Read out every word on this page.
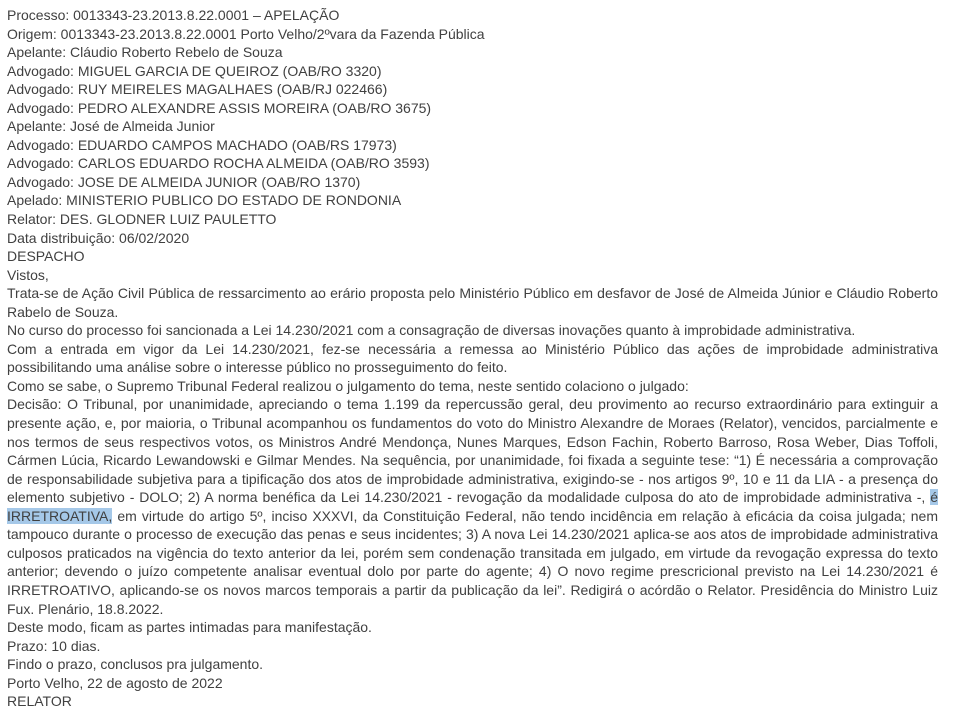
Processo: 0013343-23.2013.8.22.0001 – APELAÇÃO

Origem: 0013343-23.2013.8.22.0001 Porto Velho/2ºvara da Fazenda Pública

Apelante: Cláudio Roberto Rebelo de Souza

Advogado: MIGUEL GARCIA DE QUEIROZ (OAB/RO 3320)

Advogado: RUY MEIRELES MAGALHAES (OAB/RJ 022466)

Advogado: PEDRO ALEXANDRE ASSIS MOREIRA (OAB/RO 3675)

Apelante: José de Almeida Junior

Advogado: EDUARDO CAMPOS MACHADO (OAB/RS 17973)

Advogado: CARLOS EDUARDO ROCHA ALMEIDA (OAB/RO 3593)

Advogado: JOSE DE ALMEIDA JUNIOR (OAB/RO 1370)

Apelado: MINISTERIO PUBLICO DO ESTADO DE RONDONIA

Relator: DES. GLODNER LUIZ PAULETTO

Data distribuição: 06/02/2020

DESPACHO

Vistos,

Trata-se de Ação Civil Pública de ressarcimento ao erário proposta pelo Ministério Público em desfavor de José de Almeida Júnior e Cláudio Roberto Rabelo de Souza.

No curso do processo foi sancionada a Lei 14.230/2021 com a consagração de diversas inovações quanto à improbidade administrativa.

Com a entrada em vigor da Lei 14.230/2021, fez-se necessária a remessa ao Ministério Público das ações de improbidade administrativa possibilitando uma análise sobre o interesse público no prosseguimento do feito.

Como se sabe, o Supremo Tribunal Federal realizou o julgamento do tema, neste sentido colaciono o julgado:

Decisão: O Tribunal, por unanimidade, apreciando o tema 1.199 da repercussão geral, deu provimento ao recurso extraordinário para extinguir a presente ação, e, por maioria, o Tribunal acompanhou os fundamentos do voto do Ministro Alexandre de Moraes (Relator), vencidos, parcialmente e nos termos de seus respectivos votos, os Ministros André Mendonça, Nunes Marques, Edson Fachin, Roberto Barroso, Rosa Weber, Dias Toffoli, Cármen Lúcia, Ricardo Lewandowski e Gilmar Mendes. Na sequência, por unanimidade, foi fixada a seguinte tese: “1) É necessária a comprovação de responsabilidade subjetiva para a tipificação dos atos de improbidade administrativa, exigindo-se - nos artigos 9º, 10 e 11 da LIA - a presença do elemento subjetivo - DOLO; 2) A norma benéfica da Lei 14.230/2021 - revogação da modalidade culposa do ato de improbidade administrativa -, é IRRETROATIVA, em virtude do artigo 5º, inciso XXXVI, da Constituição Federal, não tendo incidência em relação à eficácia da coisa julgada; nem tampouco durante o processo de execução das penas e seus incidentes; 3) A nova Lei 14.230/2021 aplica-se aos atos de improbidade administrativa culposos praticados na vigência do texto anterior da lei, porém sem condenação transitada em julgado, em virtude da revogação expressa do texto anterior; devendo o juízo competente analisar eventual dolo por parte do agente; 4) O novo regime prescricional previsto na Lei 14.230/2021 é IRRETROATIVO, aplicando-se os novos marcos temporais a partir da publicação da lei”. Redigirá o acórdão o Relator. Presidência do Ministro Luiz Fux. Plenário, 18.8.2022.

Deste modo, ficam as partes intimadas para manifestação.

Prazo: 10 dias.

Findo o prazo, conclusos pra julgamento.

Porto Velho, 22 de agosto de 2022

RELATOR
